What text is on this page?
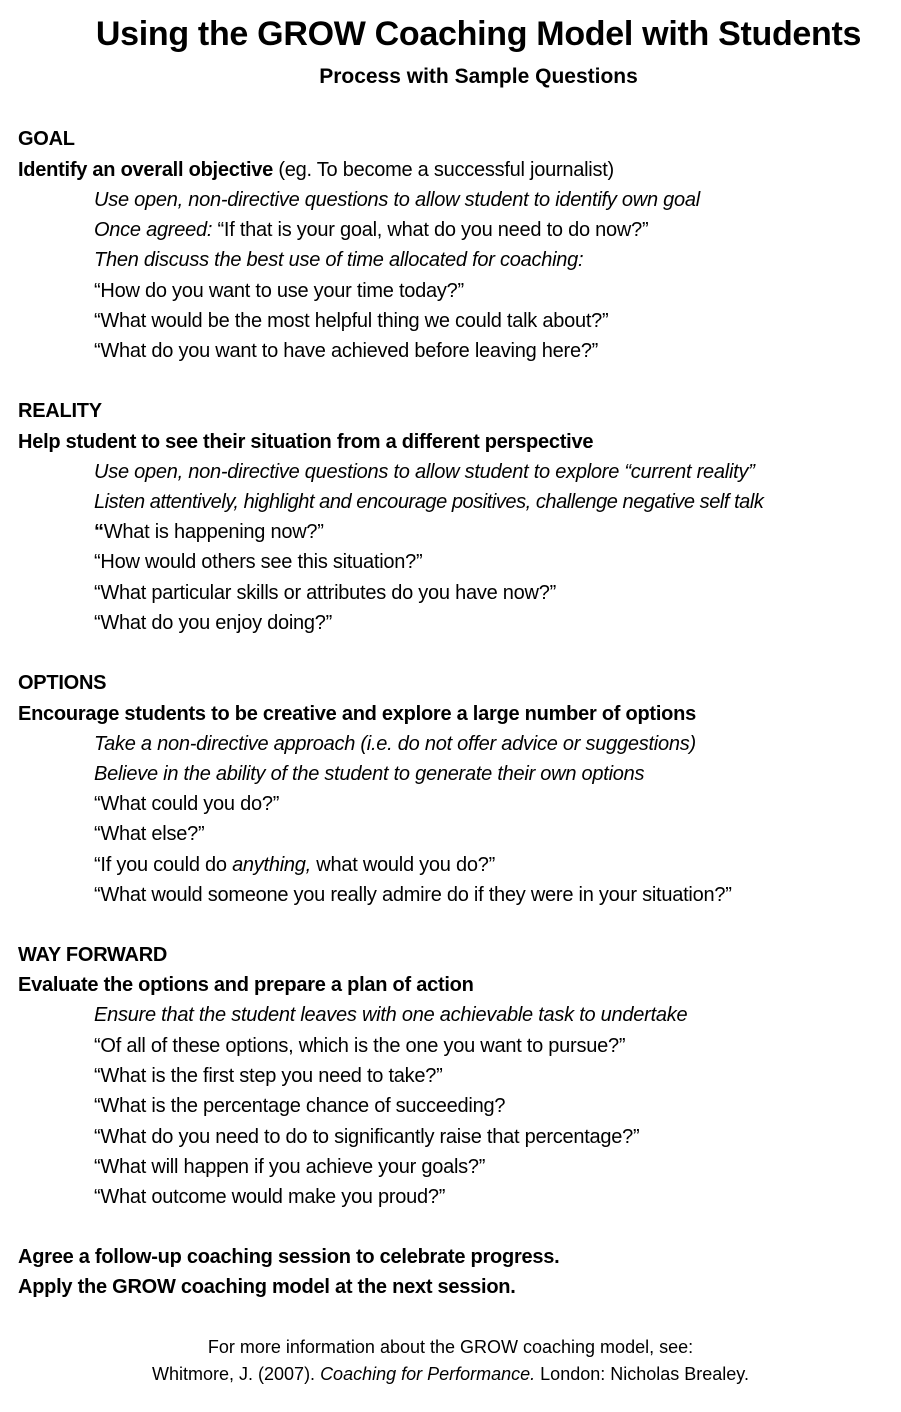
Using the GROW Coaching Model with Students
Process with Sample Questions
GOAL
Identify an overall objective (eg. To become a successful journalist)
Use open, non-directive questions to allow student to identify own goal
Once agreed: “If that is your goal, what do you need to do now?”
Then discuss the best use of time allocated for coaching:
“How do you want to use your time today?”
“What would be the most helpful thing we could talk about?”
“What do you want to have achieved before leaving here?”
REALITY
Help student to see their situation from a different perspective
Use open, non-directive questions to allow student to explore “current reality”
Listen attentively, highlight and encourage positives, challenge negative self talk
“What is happening now?”
“How would others see this situation?”
“What particular skills or attributes do you have now?”
“What do you enjoy doing?”
OPTIONS
Encourage students to be creative and explore a large number of options
Take a non-directive approach (i.e. do not offer advice or suggestions)
Believe in the ability of the student to generate their own options
“What could you do?”
“What else?”
“If you could do anything, what would you do?”
“What would someone you really admire do if they were in your situation?”
WAY FORWARD
Evaluate the options and prepare a plan of action
Ensure that the student leaves with one achievable task to undertake
“Of all of these options, which is the one you want to pursue?”
“What is the first step you need to take?”
“What is the percentage chance of succeeding?
“What do you need to do to significantly raise that percentage?”
“What will happen if you achieve your goals?”
“What outcome would make you proud?”
Agree a follow-up coaching session to celebrate progress.
Apply the GROW coaching model at the next session.
For more information about the GROW coaching model, see:
Whitmore, J. (2007). Coaching for Performance. London: Nicholas Brealey.
